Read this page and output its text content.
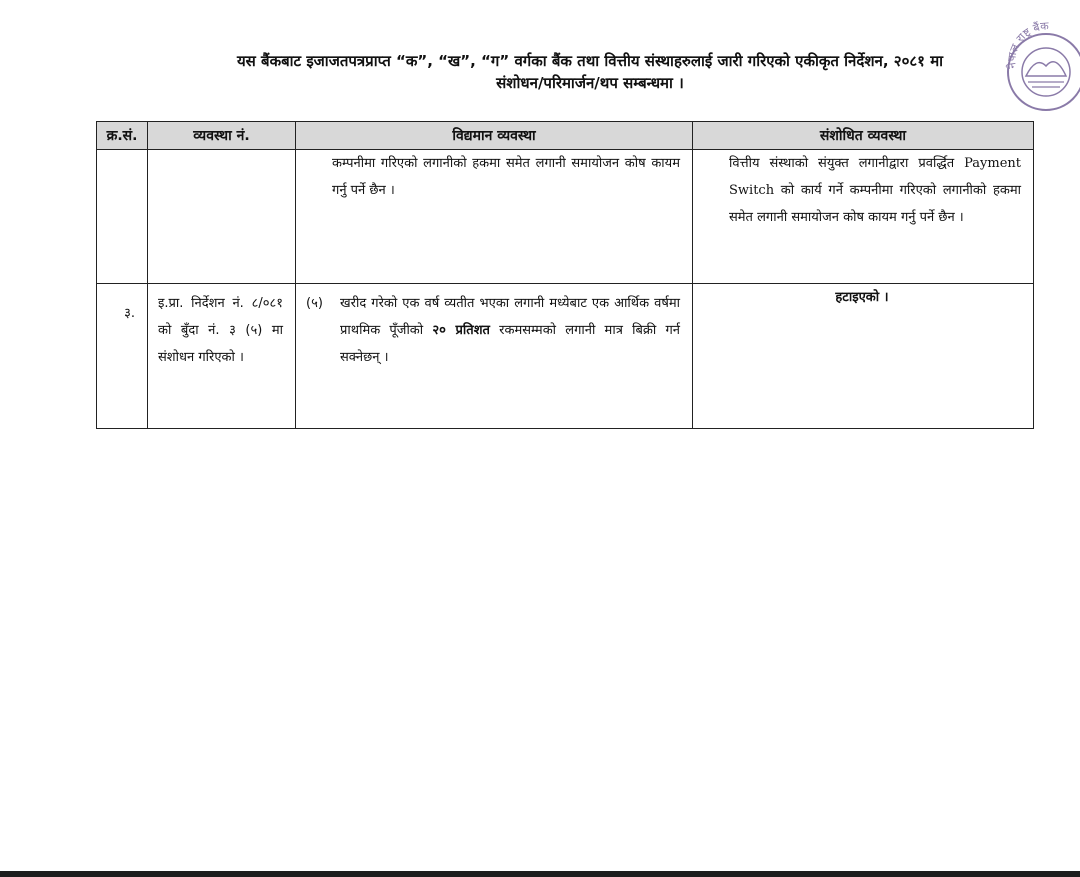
यस बैंकबाट इजाजतपत्रप्राप्त “क”, “ख”, “ग” वर्गका बैंक तथा वित्तीय संस्थाहरुलाई जारी गरिएको एकीकृत निर्देशन, २०८१ मा
संशोधन/परिमार्जन/थप सम्बन्धमा ।
नेपाल राष्ट्र बैंक
क्र.सं.	व्यवस्था नं.	विद्यमान व्यवस्था	संशोधित व्यवस्था

		कम्पनीमा गरिएको लगानीको हकमा समेत लगानी समायोजन कोष कायम गर्नु पर्ने छैन ।	वित्तीय संस्थाको संयुक्त लगानीद्वारा प्रवर्द्धित Payment Switch को कार्य गर्ने कम्पनीमा गरिएको लगानीको हकमा समेत लगानी समायोजन कोष कायम गर्नु पर्ने छैन ।

३.	इ.प्रा. निर्देशन नं. ८/०८१ को बुँदा नं. ३ (५) मा संशोधन गरिएको ।	(५) खरीद गरेको एक वर्ष व्यतीत भएका लगानी मध्येबाट एक आर्थिक वर्षमा प्राथमिक पूँजीको २० प्रतिशत रकमसम्मको लगानी मात्र बिक्री गर्न सक्नेछन् ।	हटाइएको ।
